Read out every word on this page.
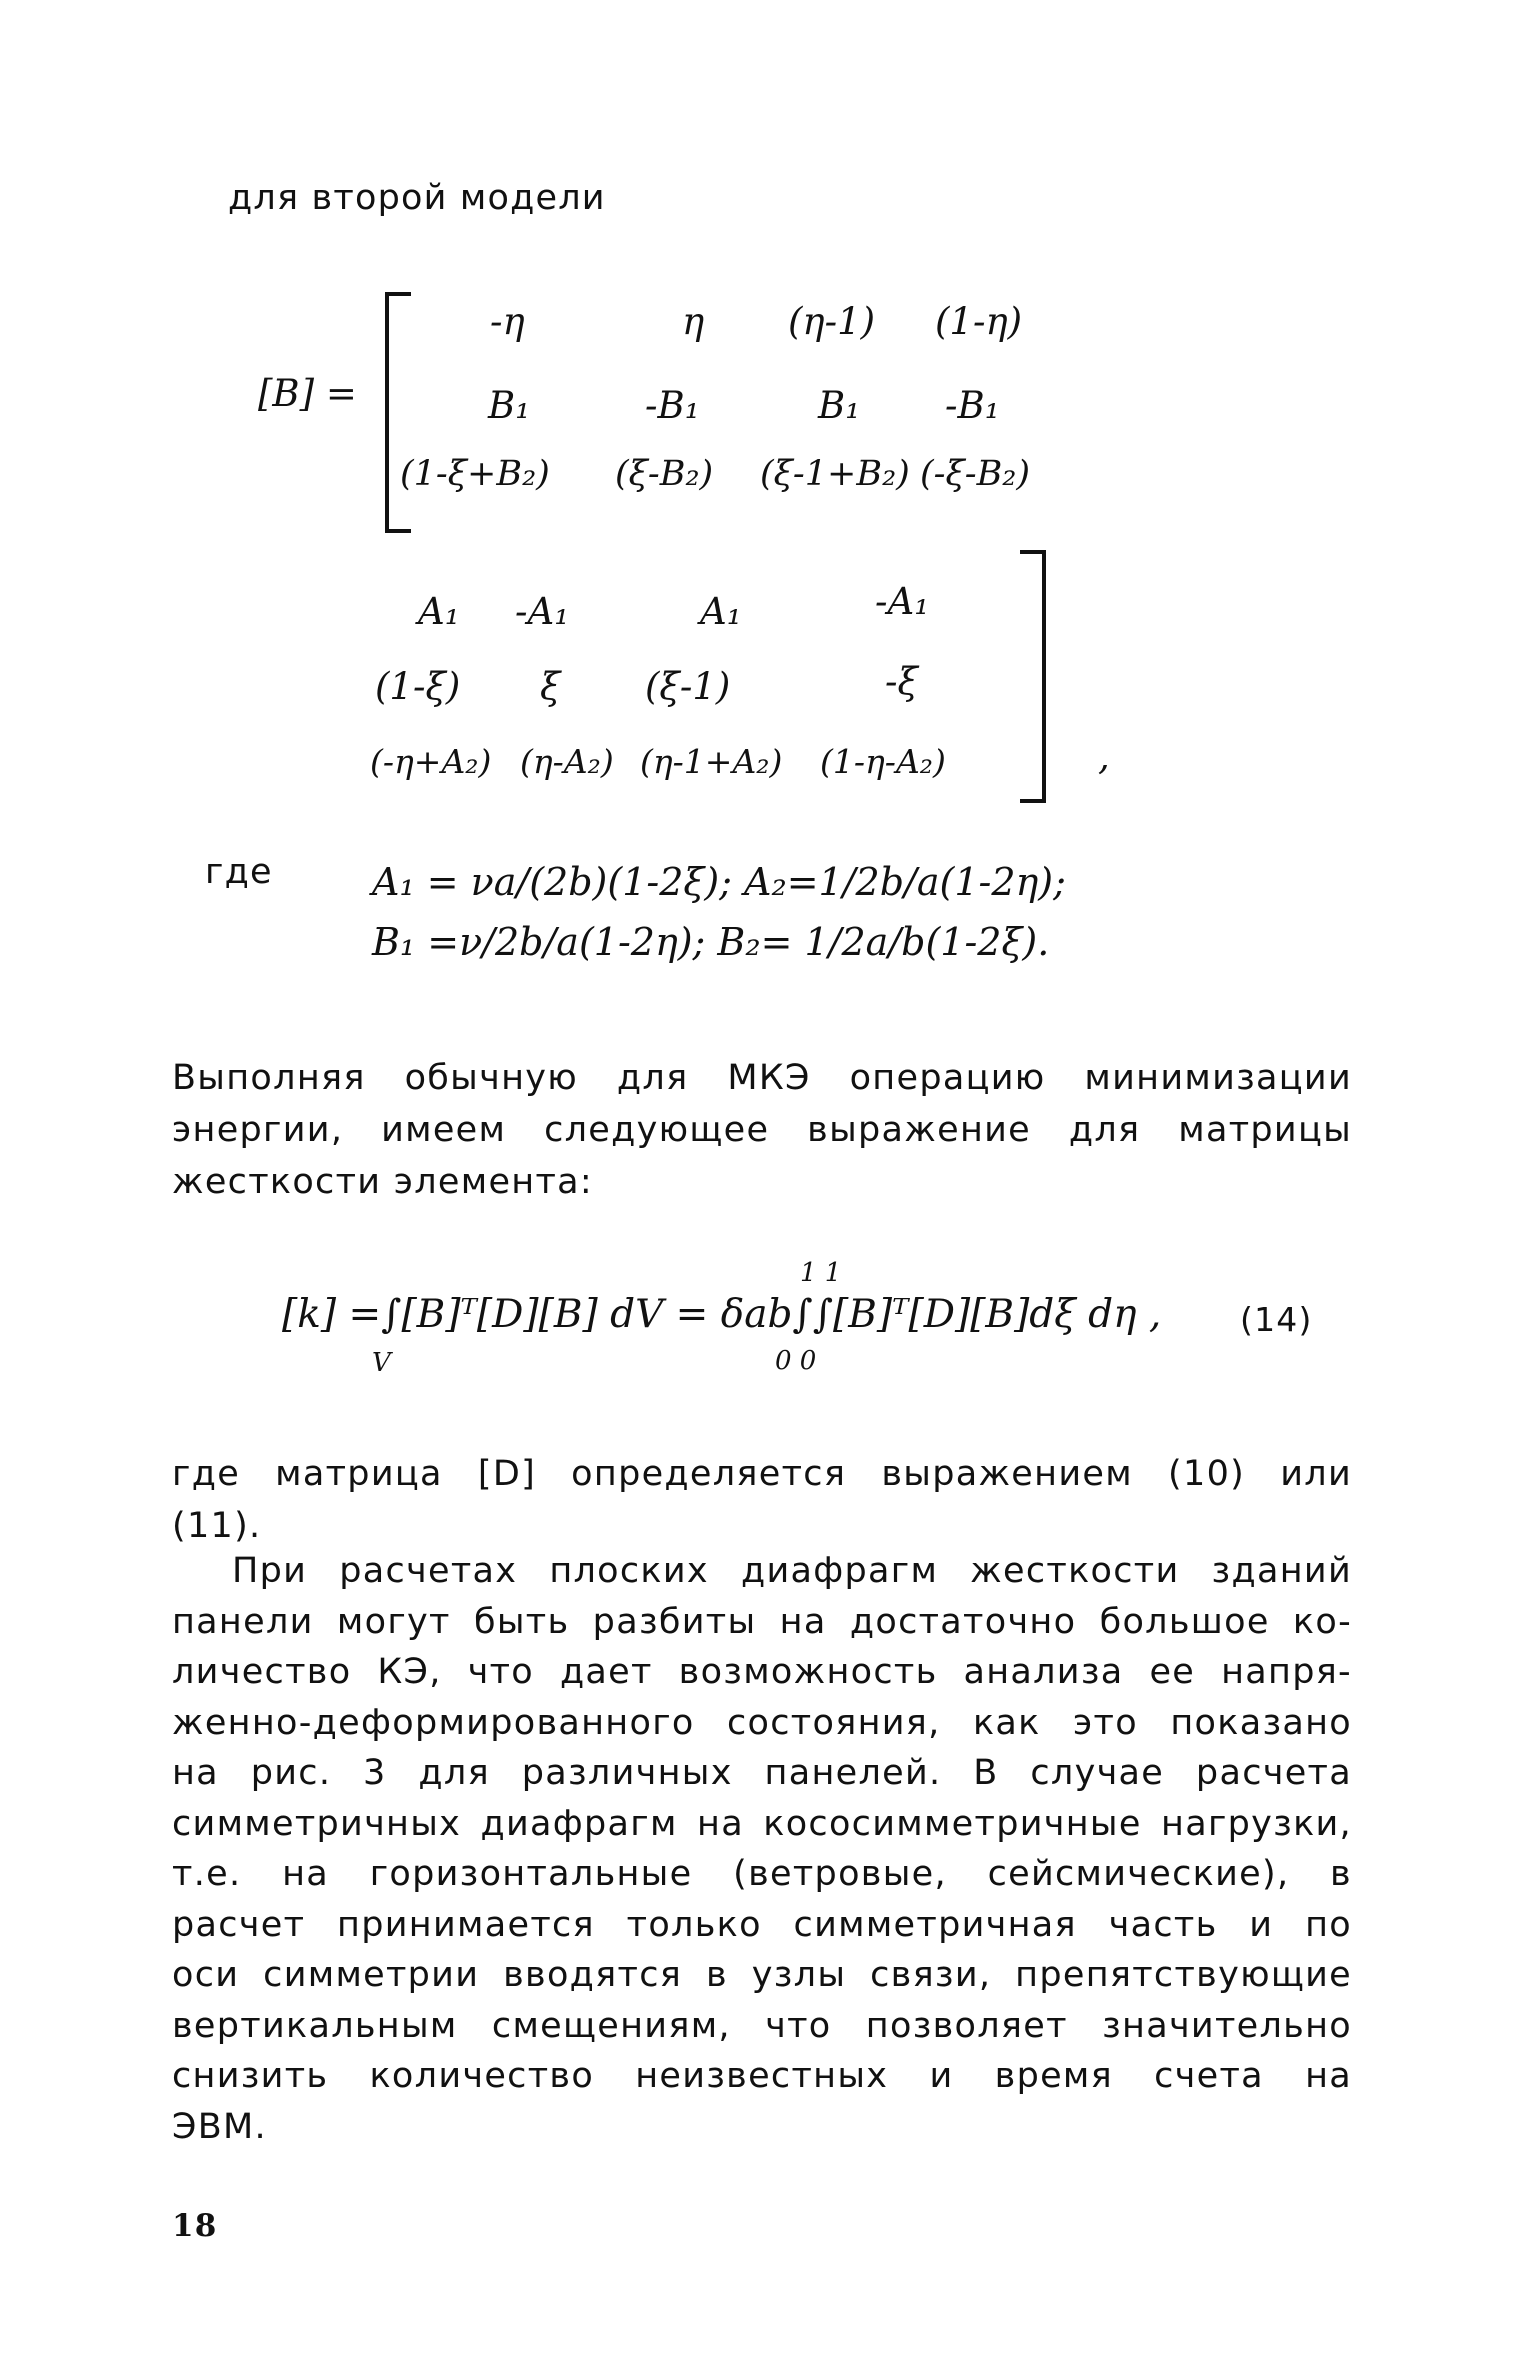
для второй модели
[B] =
-η	η (η-1) (1-η)
B₁	-B₁	B₁ -B₁
(1-ξ+B₂) (ξ-B₂) (ξ-1+B₂) (-ξ-B₂)
A₁ -A₁	A₁	-A₁
(1-ξ) ξ (ξ-1)	-ξ
(-η+A₂) (η-A₂) (η-1+A₂) (1-η-A₂)	,
где	A₁ = νa/(2b)(1-2ξ); A₂=1/2b/a(1-2η);
B₁ =ν/2b/a(1-2η); B₂= 1/2a/b(1-2ξ).
Выполняя обычную для МКЭ операцию минимизации
энергии, имеем следующее выражение для матрицы
жесткости элемента:
1 1
[k] =∫[B]ᵀ[D][B] dV = δab∫∫[B]ᵀ[D][B]dξ dη ,
V	0 0
(14)
где матрица [D] определяется выражением (10) или
(11).
При расчетах плоских диафрагм жесткости зданий
панели могут быть разбиты на достаточно большое ко-
личество КЭ, что дает возможность анализа ее напря-
женно-деформированного состояния, как это показано
на рис. 3 для различных панелей. В случае расчета
симметричных диафрагм на кососимметричные нагрузки,
т.е. на горизонтальные (ветровые, сейсмические), в
расчет принимается только симметричная часть и по
оси симметрии вводятся в узлы связи, препятствующие
вертикальным смещениям, что позволяет значительно
снизить количество неизвестных и время счета на
ЭВМ.
18
